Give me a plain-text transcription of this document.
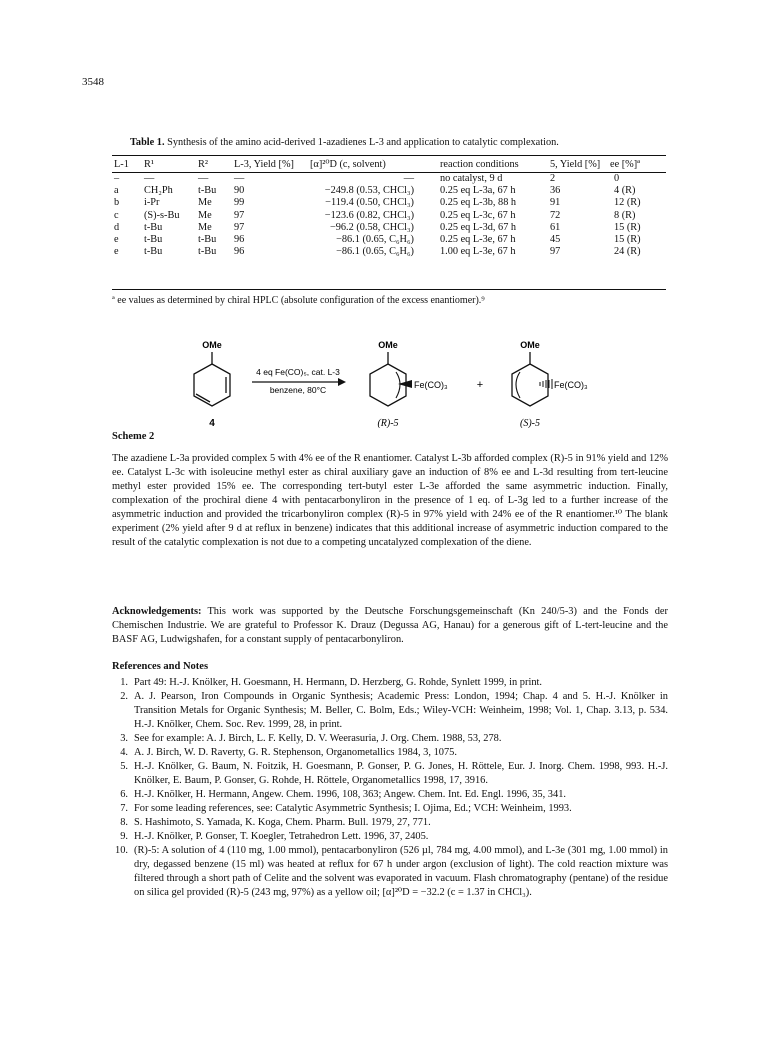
3548
Table 1. Synthesis of the amino acid-derived 1-azadienes L-3 and application to catalytic complexation.
L-1	R¹	R²	L-3, Yield [%]	[α]²⁰D (c, solvent)	reaction conditions	5, Yield [%]	ee [%]ª
–	—	—	—	—	no catalyst, 9 d	2	0
a	CH₂Ph	t-Bu	90	−249.8 (0.53, CHCl₃)	0.25 eq L-3a, 67 h	36	4 (R)
b	i-Pr	Me	99	−119.4 (0.50, CHCl₃)	0.25 eq L-3b, 88 h	91	12 (R)
c	(S)-s-Bu	Me	97	−123.6 (0.82, CHCl₃)	0.25 eq L-3c, 67 h	72	8 (R)
d	t-Bu	Me	97	−96.2 (0.58, CHCl₃)	0.25 eq L-3d, 67 h	61	15 (R)
e	t-Bu	t-Bu	96	−86.1 (0.65, C₆H₆)	0.25 eq L-3e, 67 h	45	15 (R)
e	t-Bu	t-Bu	96	−86.1 (0.65, C₆H₆)	1.00 eq L-3e, 67 h	97	24 (R)
ª ee values as determined by chiral HPLC (absolute configuration of the excess enantiomer).⁹
OMe
4
4 eq Fe(CO)₅, cat. L-3
benzene, 80°C
OMe
Fe(CO)₃
(R)-5
+	Fe(CO)₃
OMe
(S)-5
Scheme 2

The azadiene L-3a provided complex 5 with 4% ee of the R enantiomer. Catalyst L-3b afforded complex (R)-5 in 91% yield and 12% ee. Catalyst L-3c with isoleucine methyl ester as chiral auxiliary gave an induction of 8% ee and L-3d resulting from tert-leucine methyl ester provided 15% ee. The corresponding tert-butyl ester L-3e afforded the same asymmetric induction. Finally, complexation of the prochiral diene 4 with pentacarbonyliron in the presence of 1 eq. of L-3g led to a further increase of the asymmetric induction and provided the tricarbonyliron complex (R)-5 in 97% yield with 24% ee of the R enantiomer.¹⁰ The blank experiment (2% yield after 9 d at reflux in benzene) indicates that this additional increase of asymmetric induction compared to the result of the catalytic complexation is not due to a competing uncatalyzed complexation of the diene.

Acknowledgements: This work was supported by the Deutsche Forschungsgemeinschaft (Kn 240/5-3) and the Fonds der Chemischen Industrie. We are grateful to Professor K. Drauz (Degussa AG, Hanau) for a generous gift of L-tert-leucine and the BASF AG, Ludwigshafen, for a constant supply of pentacarbonyliron.

References and Notes
1. Part 49: H.-J. Knölker, H. Goesmann, H. Hermann, D. Herzberg, G. Rohde, Synlett 1999, in print.
2. A. J. Pearson, Iron Compounds in Organic Synthesis; Academic Press: London, 1994; Chap. 4 and 5. H.-J. Knölker in Transition Metals for Organic Synthesis; M. Beller, C. Bolm, Eds.; Wiley-VCH: Weinheim, 1998; Vol. 1, Chap. 3.13, p. 534. H.-J. Knölker, Chem. Soc. Rev. 1999, 28, in print.
3. See for example: A. J. Birch, L. F. Kelly, D. V. Weerasuria, J. Org. Chem. 1988, 53, 278.
4. A. J. Birch, W. D. Raverty, G. R. Stephenson, Organometallics 1984, 3, 1075.
5. H.-J. Knölker, G. Baum, N. Foitzik, H. Goesmann, P. Gonser, P. G. Jones, H. Röttele, Eur. J. Inorg. Chem. 1998, 993. H.-J. Knölker, E. Baum, P. Gonser, G. Rohde, H. Röttele, Organometallics 1998, 17, 3916.
6. H.-J. Knölker, H. Hermann, Angew. Chem. 1996, 108, 363; Angew. Chem. Int. Ed. Engl. 1996, 35, 341.
7. For some leading references, see: Catalytic Asymmetric Synthesis; I. Ojima, Ed.; VCH: Weinheim, 1993.
8. S. Hashimoto, S. Yamada, K. Koga, Chem. Pharm. Bull. 1979, 27, 771.
9. H.-J. Knölker, P. Gonser, T. Koegler, Tetrahedron Lett. 1996, 37, 2405.
10. (R)-5: A solution of 4 (110 mg, 1.00 mmol), pentacarbonyliron (526 µl, 784 mg, 4.00 mmol), and L-3e (301 mg, 1.00 mmol) in dry, degassed benzene (15 ml) was heated at reflux for 67 h under argon (exclusion of light). The cold reaction mixture was filtered through a short path of Celite and the solvent was evaporated in vacuum. Flash chromatography (pentane) of the residue on silica gel provided (R)-5 (243 mg, 97%) as a yellow oil; [α]²⁰D = −32.2 (c = 1.37 in CHCl₃).
